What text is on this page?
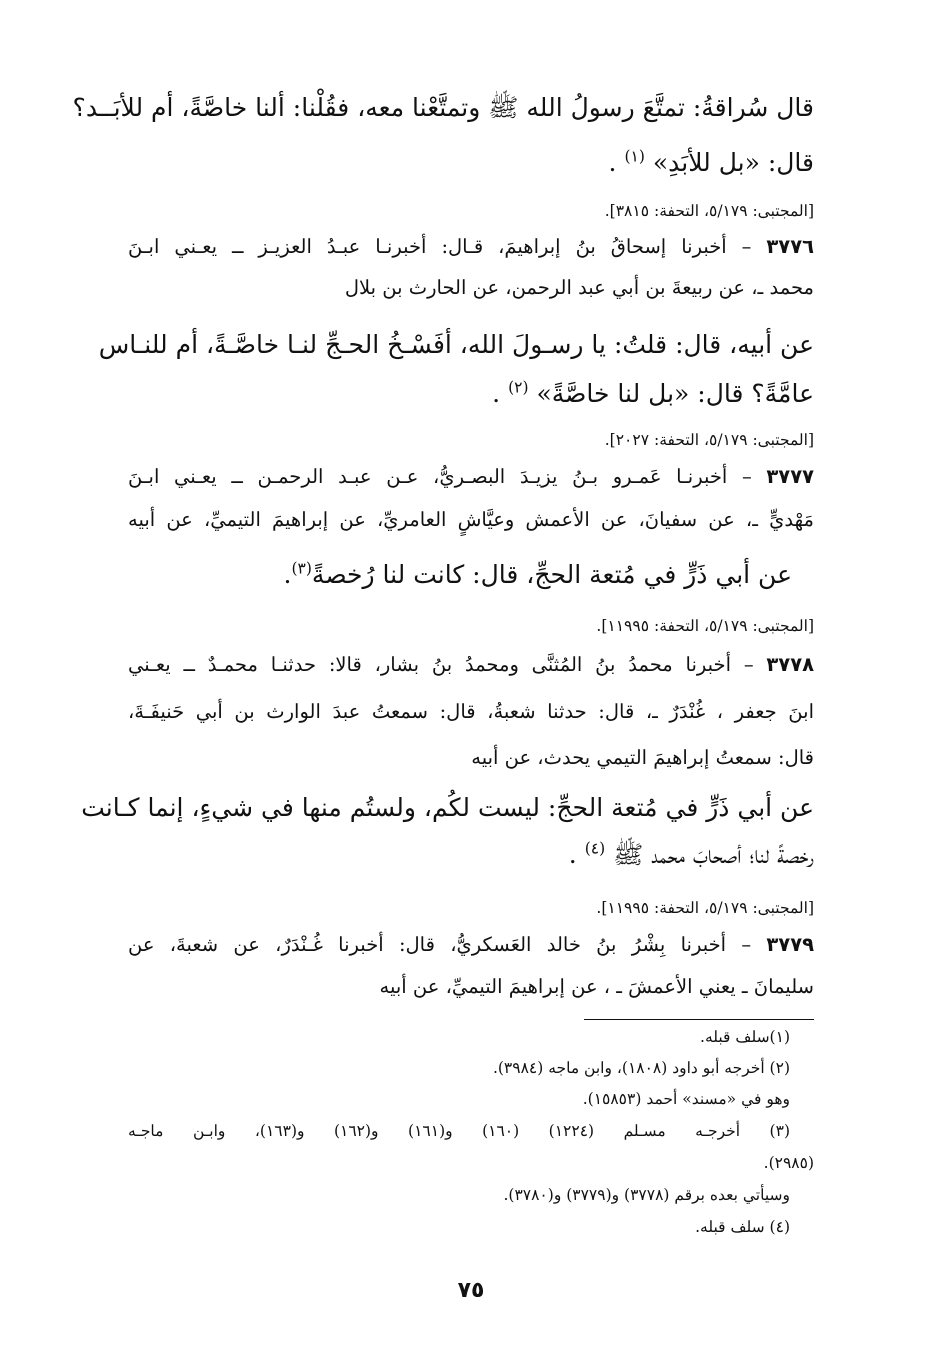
قال سُراقةُ: تمتَّعَ رسولُ الله ﷺ وتمتَّعْنا معه، فقُلْنا: ألنا خاصَّةً، أم للأبَــد؟
قال: «بل للأبَدِ» $^{(١)}$ .
[المجتبى: ٥/١٧٩، التحفة: ٣٨١٥].
٣٧٧٦ – أخبرنا إسحاقُ بنُ إبراهيمَ، قـال: أخبرنـا عبـدُ العزيـز ــ يعـني ابـنَ
محمد ـ، عن ربيعةَ بن أبي عبد الرحمن، عن الحارث بن بلال
عن أبيه، قال: قلتُ: يا رسـولَ الله، أفَسْـخُ الحـجِّ لنـا خاصَّـةً، أم للنـاس
عامَّةً؟ قال: «بل لنا خاصَّةً» $^{(٢)}$ .
[المجتبى: ٥/١٧٩، التحفة: ٢٠٢٧].
٣٧٧٧ – أخبرنـا عَمـرو بـنُ يزيـدَ البصـريُّ، عـن عبـد الرحمـن ــ يعـني ابـنَ
مَهْديٍّ ـ، عن سفيانَ، عن الأعمش وعيَّاشٍ العامريِّ، عن إبراهيمَ التيميِّ، عن أبيه
عن أبي ذَرٍّ في مُتعة الحجِّ، قال: كانت لنا رُخصةً$^{(٣)}$.
[المجتبى: ٥/١٧٩، التحفة: ١١٩٩٥].
٣٧٧٨ – أخبرنا محمدُ بنُ المُثنَّى ومحمدُ بنُ بشار، قالا: حدثنـا محمـدٌ ــ يعـني
ابنَ جعفر ، غُنْدَرٌ ـ، قال: حدثنا شعبةُ، قال: سمعتُ عبدَ الوارث بن أبي حَنيفَـةَ،
قال: سمعتُ إبراهيمَ التيمي يحدث، عن أبيه
عن أبي ذَرٍّ في مُتعة الحجِّ: ليست لكُم، ولستُم منها في شيءٍ، إنما كـانت
رخصةً لنا؛ أصحابَ محمد ﷺ $^{(٤)}$ .
[المجتبى: ٥/١٧٩، التحفة: ١١٩٩٥].
٣٧٧٩ – أخبرنا بِشْرُ بنُ خالد العَسكريُّ، قال: أخبرنا غُـنْدَرٌ، عن شعبةَ، عن
سليمانَ ـ يعني الأعمشَ ـ ، عن إبراهيمَ التيميِّ، عن أبيه
(١)سلف قبله.
(٢) أخرجه أبو داود (١٨٠٨)، وابن ماجه (٣٩٨٤).
وهو في «مسند» أحمد (١٥٨٥٣).
(٣) أخرجـه مسـلم (١٢٢٤) (١٦٠) و(١٦١) و(١٦٢) و(١٦٣)، وابـن ماجـه
(٢٩٨٥).
وسيأتي بعده برقم (٣٧٧٨) و(٣٧٧٩) و(٣٧٨٠).
(٤) سلف قبله.
٧٥
